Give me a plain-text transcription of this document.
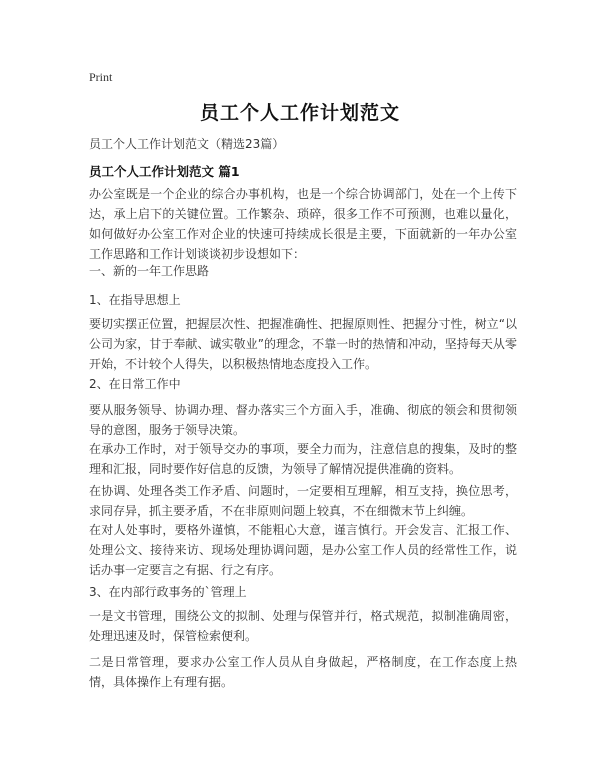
Print
员工个人工作计划范文
员工个人工作计划范文（精选23篇）
员工个人工作计划范文 篇1

办公室既是一个企业的综合办事机构，也是一个综合协调部门，处在一个上传下达，承上启下的关键位置。工作繁杂、琐碎，很多工作不可预测，也难以量化，如何做好办公室工作对企业的快速可持续成长很是主要，下面就新的一年办公室工作思路和工作计划谈谈初步设想如下：

一、新的一年工作思路

1、在指导思想上

要切实摆正位置，把握层次性、把握准确性、把握原则性、把握分寸性，树立“以公司为家，甘于奉献、诚实敬业”的理念，不靠一时的热情和冲动，坚持每天从零开始，不计较个人得失，以积极热情地态度投入工作。

2、在日常工作中

要从服务领导、协调办理、督办落实三个方面入手，准确、彻底的领会和贯彻领导的意图，服务于领导决策。

在承办工作时，对于领导交办的事项，要全力而为，注意信息的搜集，及时的整理和汇报，同时要作好信息的反馈，为领导了解情况提供准确的资料。

在协调、处理各类工作矛盾、问题时，一定要相互理解，相互支持，换位思考，求同存异，抓主要矛盾，不在非原则问题上较真，不在细微末节上纠缠。

在对人处事时，要格外谨慎，不能粗心大意，谨言慎行。开会发言、汇报工作、处理公文、接待来访、现场处理协调问题，是办公室工作人员的经常性工作，说话办事一定要言之有据、行之有序。

3、在内部行政事务的`管理上

一是文书管理，围绕公文的拟制、处理与保管并行，格式规范，拟制准确周密，处理迅速及时，保管检索便利。

二是日常管理，要求办公室工作人员从自身做起，严格制度，在工作态度上热情，具体操作上有理有据。
